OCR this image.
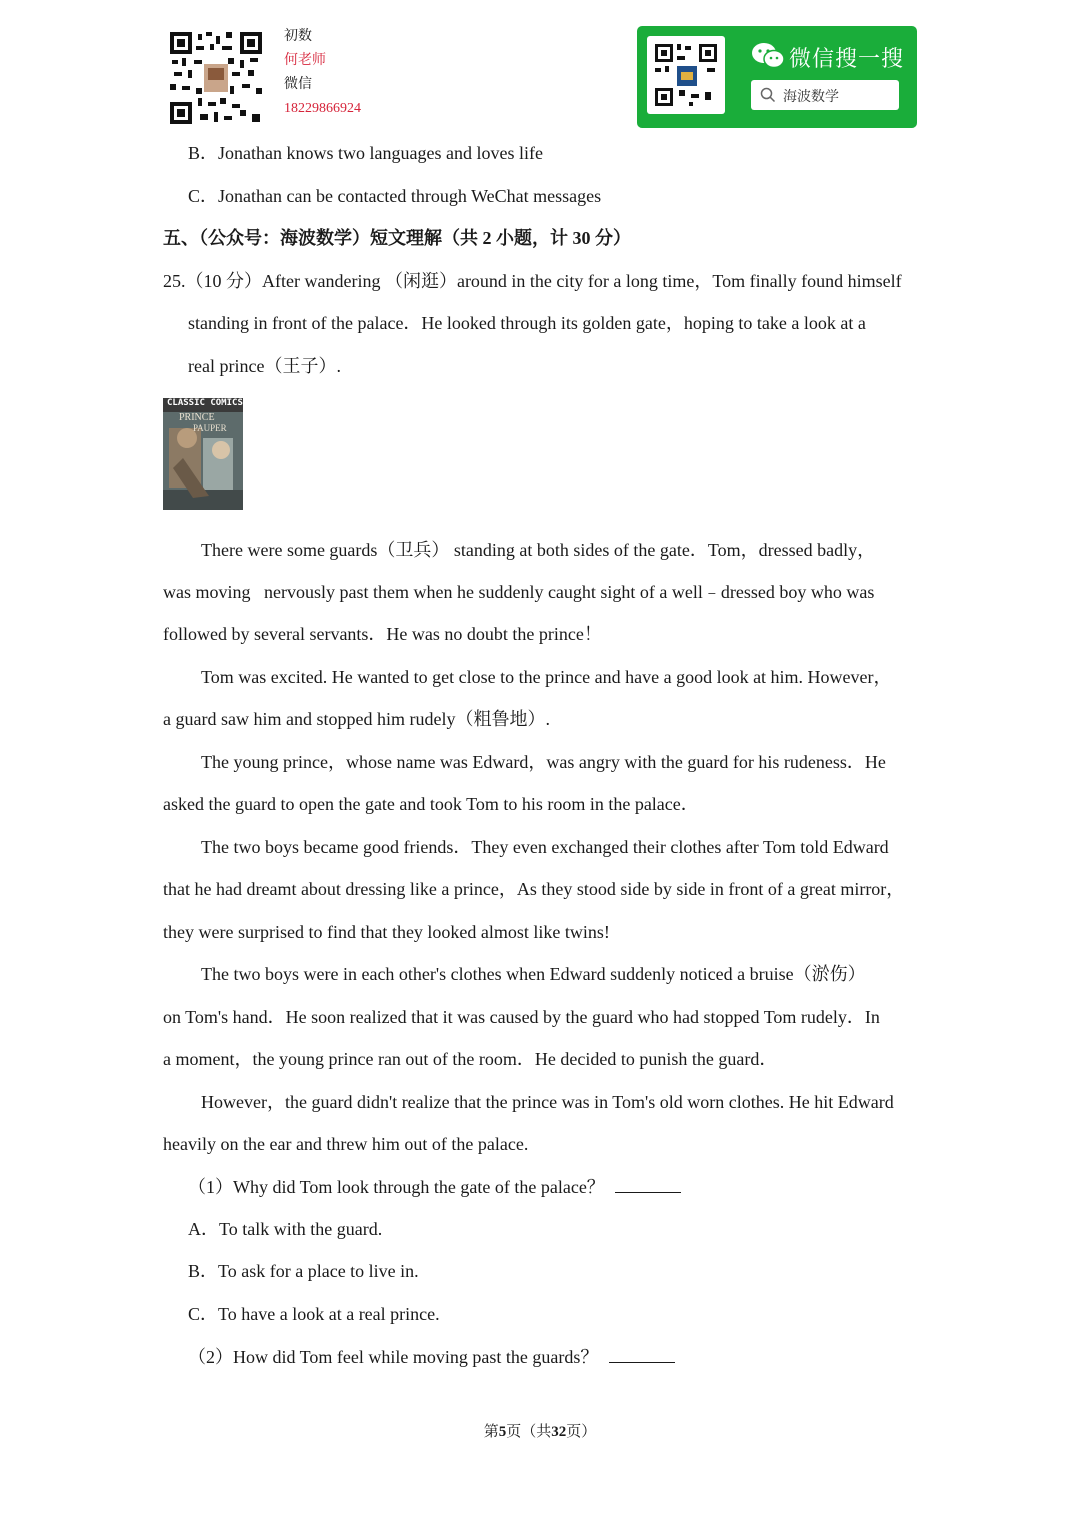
初数
何老师
微信
18229866924
微信搜一搜
海波数学
B．Jonathan knows two languages and loves life
C．Jonathan can be contacted through WeChat messages
五、（公众号：海波数学）短文理解（共 2 小题，计 30 分）
25.（10 分）After wandering （闲逛）around in the city for a long time，Tom finally found himself
standing in front of the palace．He looked through its golden gate，hoping to take a look at a
real prince（王子）.
CLASSIC COMICS
PRINCE
PAUPER
There were some guards（卫兵） standing at both sides of the gate．Tom，dressed badly，
was moving   nervously past them when he suddenly caught sight of a well﹣dressed boy who was
followed by several servants．He was no doubt the prince！
Tom was excited. He wanted to get close to the prince and have a good look at him. However，
a guard saw him and stopped him rudely（粗鲁地）.
The young prince，whose name was Edward，was angry with the guard for his rudeness．He
asked the guard to open the gate and took Tom to his room in the palace．
The two boys became good friends．They even exchanged their clothes after Tom told Edward
that he had dreamt about dressing like a prince，As they stood side by side in front of a great mirror，
they were surprised to find that they looked almost like twins!
The two boys were in each other's clothes when Edward suddenly noticed a bruise（淤伤）
on Tom's hand．He soon realized that it was caused by the guard who had stopped Tom rudely．In
a moment，the young prince ran out of the room．He decided to punish the guard．
However，the guard didn't realize that the prince was in Tom's old worn clothes. He hit Edward
heavily on the ear and threw him out of the palace.
（1）Why did Tom look through the gate of the palace？
A．To talk with the guard.
B．To ask for a place to live in.
C．To have a look at a real prince.
（2）How did Tom feel while moving past the guards？
第5页（共32页）
